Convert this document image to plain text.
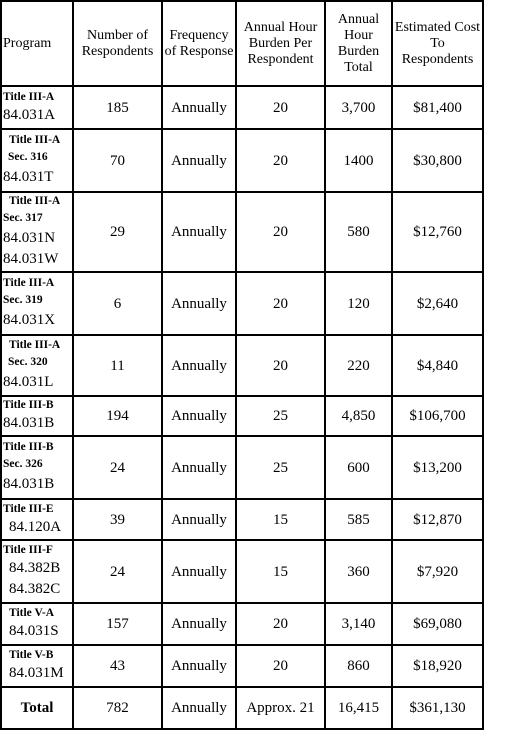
Program	Number of Respondents	Frequency of Response	Annual Hour Burden Per Respondent	Annual Hour Burden Total	Estimated Cost To Respondents

Title III-A
84.031A	185	Annually	20	3,700	$81,400

Title III-A
Sec. 316
84.031T	70	Annually	20	1400	$30,800

Title III-A
Sec. 317
84.031N
84.031W	29	Annually	20	580	$12,760

Title III-A
Sec. 319
84.031X	6	Annually	20	120	$2,640

Title III-A
Sec. 320
84.031L	11	Annually	20	220	$4,840

Title III-B
84.031B	194	Annually	25	4,850	$106,700

Title III-B
Sec. 326
84.031B	24	Annually	25	600	$13,200

Title III-E
84.120A	39	Annually	15	585	$12,870

Title III-F
84.382B
84.382C	24	Annually	15	360	$7,920

Title V-A
84.031S	157	Annually	20	3,140	$69,080

Title V-B
84.031M	43	Annually	20	860	$18,920
Total	782	Annually	Approx. 21	16,415	$361,130
